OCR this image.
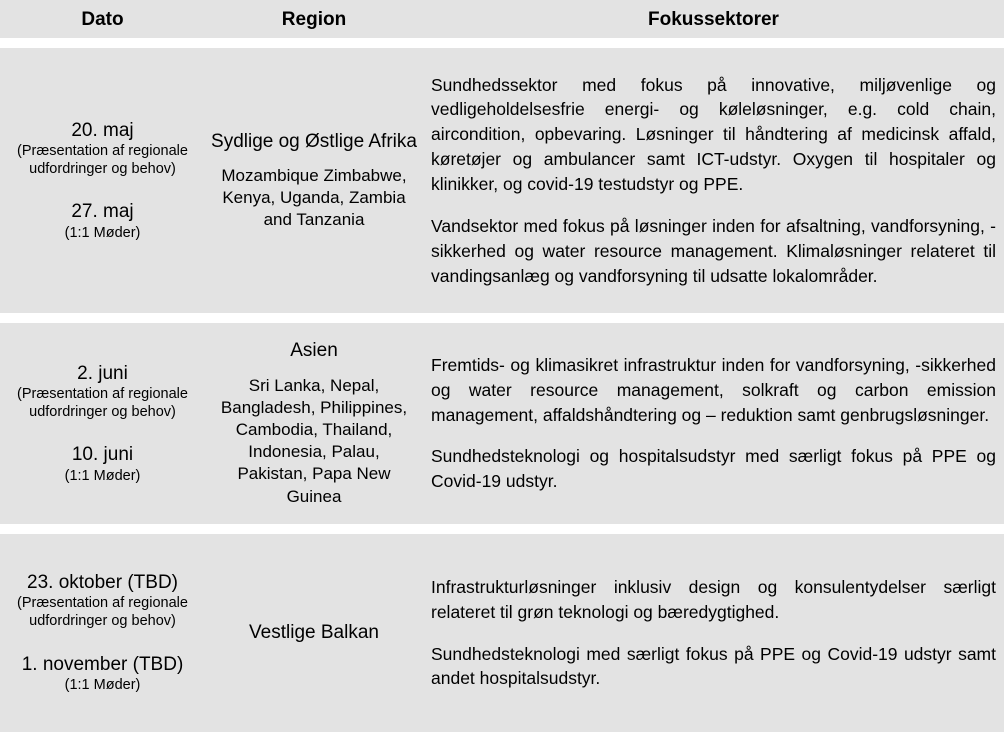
Dato	Region	Fokussektorer
20. maj
(Præsentation af regionale udfordringer og behov)
27. maj
(1:1 Møder)
Sydlige og Østlige Afrika
Mozambique Zimbabwe, Kenya, Uganda, Zambia and Tanzania

Sundhedssektor med fokus på innovative, miljøvenlige og vedligeholdelsesfrie energi- og køleløsninger, e.g. cold chain, aircondition, opbevaring. Løsninger til håndtering af medicinsk affald, køretøjer og ambulancer samt ICT-udstyr. Oxygen til hospitaler og klinikker, og covid-19 testudstyr og PPE.

Vandsektor med fokus på løsninger inden for afsaltning, vandforsyning, -sikkerhed og water resource management. Klimaløsninger relateret til vandingsanlæg og vandforsyning til udsatte lokalområder.

2. juni
(Præsentation af regionale udfordringer og behov)
10. juni
(1:1 Møder)
Asien
Sri Lanka, Nepal, Bangladesh, Philippines, Cambodia, Thailand, Indonesia, Palau, Pakistan, Papa New Guinea

Fremtids- og klimasikret infrastruktur inden for vandforsyning, -sikkerhed og water resource management, solkraft og carbon emission management, affaldshåndtering og – reduktion samt genbrugsløsninger.

Sundhedsteknologi og hospitalsudstyr med særligt fokus på PPE og Covid-19 udstyr.

23. oktober (TBD)
(Præsentation af regionale udfordringer og behov)
1. november (TBD)
(1:1 Møder)
Vestlige Balkan

Infrastrukturløsninger inklusiv design og konsulentydelser særligt relateret til grøn teknologi og bæredygtighed.

Sundhedsteknologi med særligt fokus på PPE og Covid-19 udstyr samt andet hospitalsudstyr.
